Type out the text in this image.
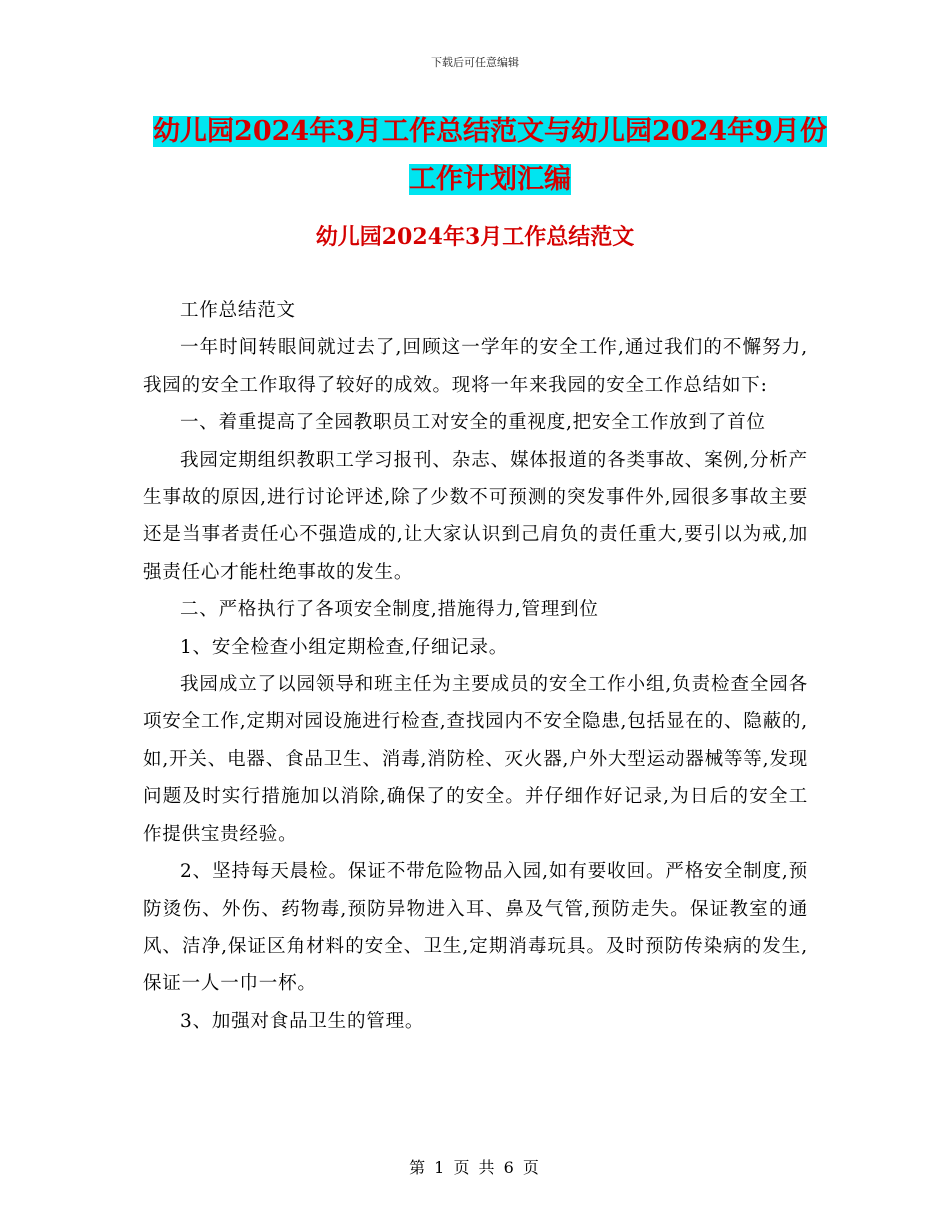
下载后可任意编辑
幼儿园2024年3月工作总结范文与幼儿园2024年9月份工作计划汇编
幼儿园2024年3月工作总结范文

工作总结范文

一年时间转眼间就过去了,回顾这一学年的安全工作,通过我们的不懈努力,我园的安全工作取得了较好的成效。现将一年来我园的安全工作总结如下:

一、着重提高了全园教职员工对安全的重视度,把安全工作放到了首位

我园定期组织教职工学习报刊、杂志、媒体报道的各类事故、案例,分析产生事故的原因,进行讨论评述,除了少数不可预测的突发事件外,园很多事故主要还是当事者责任心不强造成的,让大家认识到己肩负的责任重大,要引以为戒,加强责任心才能杜绝事故的发生。

二、严格执行了各项安全制度,措施得力,管理到位

1、安全检查小组定期检查,仔细记录。

我园成立了以园领导和班主任为主要成员的安全工作小组,负责检查全园各项安全工作,定期对园设施进行检查,查找园内不安全隐患,包括显在的、隐蔽的,如,开关、电器、食品卫生、消毒,消防栓、灭火器,户外大型运动器械等等,发现问题及时实行措施加以消除,确保了的安全。并仔细作好记录,为日后的安全工作提供宝贵经验。

2、坚持每天晨检。保证不带危险物品入园,如有要收回。严格安全制度,预防烫伤、外伤、药物毒,预防异物进入耳、鼻及气管,预防走失。保证教室的通风、洁净,保证区角材料的安全、卫生,定期消毒玩具。及时预防传染病的发生,保证一人一巾一杯。

3、加强对食品卫生的管理。

第 1 页 共 6 页
